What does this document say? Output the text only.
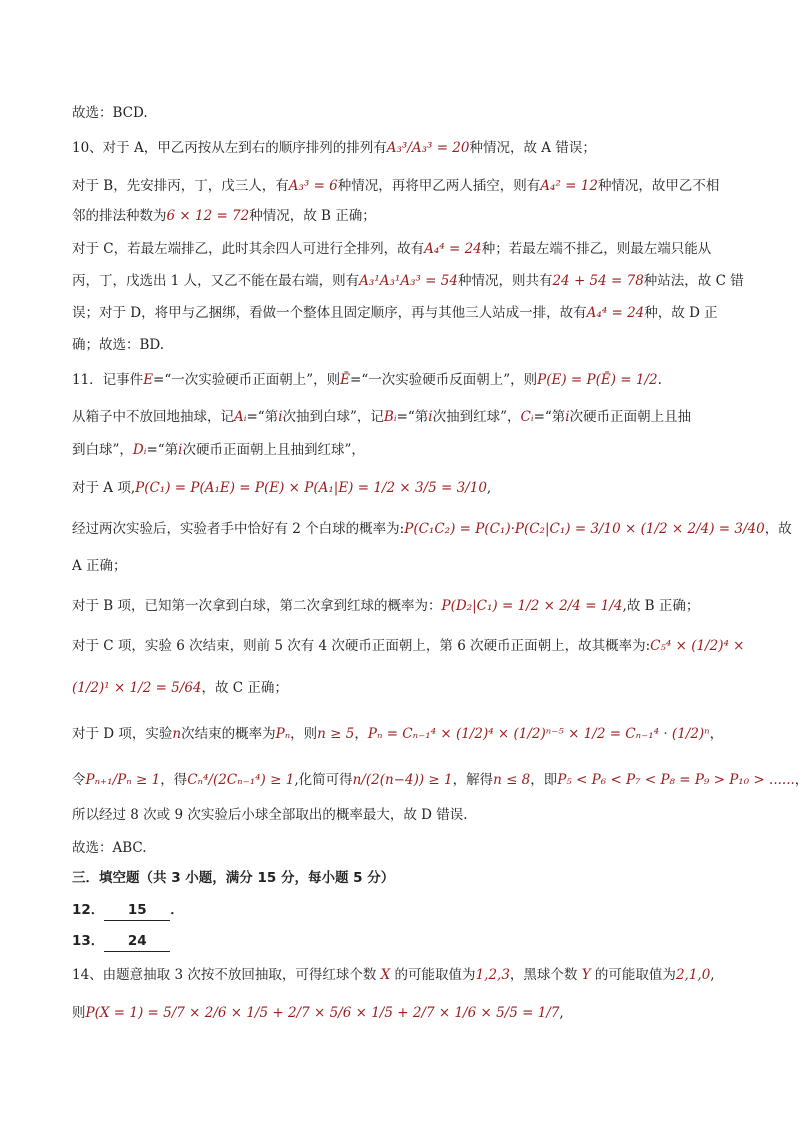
故选：BCD.
10、对于 A，甲乙丙按从左到右的顺序排列的排列有A₃³/A₃³ = 20种情况，故 A 错误；
对于 B，先安排丙，丁，戊三人，有A₃³ = 6种情况，再将甲乙两人插空，则有A₄² = 12种情况，故甲乙不相
邻的排法种数为6 × 12 = 72种情况，故 B 正确；
对于 C，若最左端排乙，此时其余四人可进行全排列，故有A₄⁴ = 24种；若最左端不排乙，则最左端只能从
丙，丁，戊选出 1 人，又乙不能在最右端，则有A₃¹A₃¹A₃³ = 54种情况，则共有24 + 54 = 78种站法，故 C 错
误；对于 D，将甲与乙捆绑，看做一个整体且固定顺序，再与其他三人站成一排，故有A₄⁴ = 24种，故 D 正
确；故选：BD.
11．记事件E=“一次实验硬币正面朝上”，则Ē=“一次实验硬币反面朝上”，则P(E) = P(Ē) = 1/2.
从箱子中不放回地抽球，记Aᵢ=“第i次抽到白球”，记Bᵢ=“第i次抽到红球”，Cᵢ=“第i次硬币正面朝上且抽
到白球”，Dᵢ=“第i次硬币正面朝上且抽到红球”，
对于 A 项,P(C₁) = P(A₁E) = P(E) × P(A₁|E) = 1/2 × 3/5 = 3/10,
经过两次实验后，实验者手中恰好有 2 个白球的概率为:P(C₁C₂) = P(C₁)·P(C₂|C₁) = 3/10 × (1/2 × 2/4) = 3/40，故
A 正确；
对于 B 项，已知第一次拿到白球，第二次拿到红球的概率为：P(D₂|C₁) = 1/2 × 2/4 = 1/4,故 B 正确；
对于 C 项，实验 6 次结束，则前 5 次有 4 次硬币正面朝上，第 6 次硬币正面朝上，故其概率为:C₅⁴ × (1/2)⁴ ×
(1/2)¹ × 1/2 = 5/64，故 C 正确；
对于 D 项，实验n次结束的概率为Pₙ，则n ≥ 5，Pₙ = Cₙ₋₁⁴ × (1/2)⁴ × (1/2)ⁿ⁻⁵ × 1/2 = Cₙ₋₁⁴ · (1/2)ⁿ，
令Pₙ₊₁/Pₙ ≥ 1，得Cₙ⁴/(2Cₙ₋₁⁴) ≥ 1,化简可得n/(2(n−4)) ≥ 1，解得n ≤ 8，即P₅ < P₆ < P₇ < P₈ = P₉ > P₁₀ > ......，
所以经过 8 次或 9 次实验后小球全部取出的概率最大，故 D 错误.
故选：ABC.
三．填空题（共 3 小题，满分 15 分，每小题 5 分）
12． 15 ．
13． 24
14、由题意抽取 3 次按不放回抽取，可得红球个数 X 的可能取值为1,2,3，黑球个数 Y 的可能取值为2,1,0,
则P(X = 1) = 5/7 × 2/6 × 1/5 + 2/7 × 5/6 × 1/5 + 2/7 × 1/6 × 5/5 = 1/7,
